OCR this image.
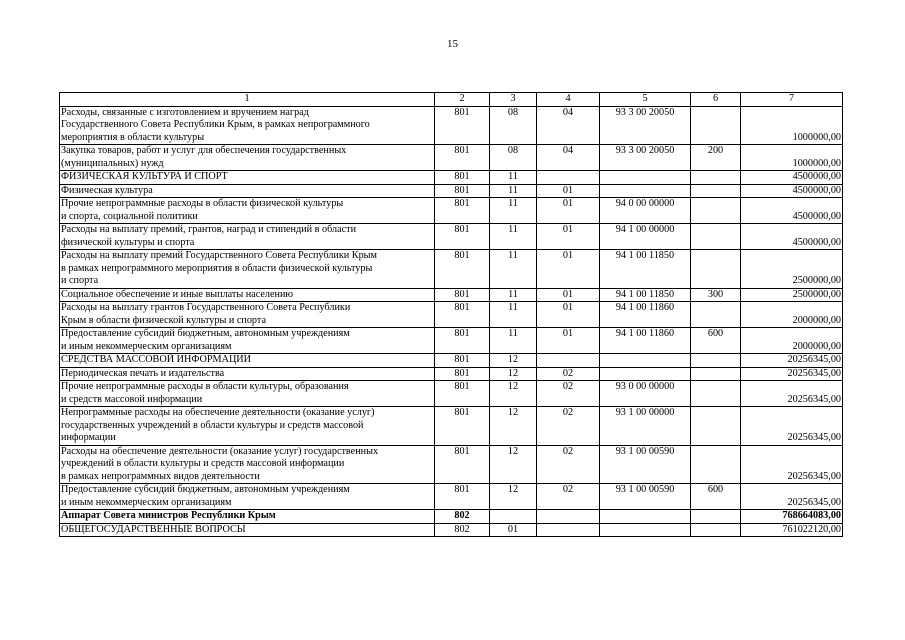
15
1	2	3	4	5	6	7

Расходы, связанные с изготовлением и вручением наград
Государственного Совета Республики Крым, в рамках непрограммного
мероприятия в области культуры	801	08	04	93 3 00 20050		1000000,00

Закупка товаров, работ и услуг для обеспечения государственных
(муниципальных) нужд	801	08	04	93 3 00 20050	200	1000000,00

ФИЗИЧЕСКАЯ КУЛЬТУРА И СПОРТ	801	11				4500000,00

Физическая культура	801	11	01			4500000,00

Прочие непрограммные расходы в области физической культуры
и спорта, социальной политики	801	11	01	94 0 00 00000		4500000,00

Расходы на выплату премий, грантов, наград и стипендий в области
физической культуры и спорта	801	11	01	94 1 00 00000		4500000,00

Расходы на выплату премий Государственного Совета Республики Крым
в рамках непрограммного мероприятия в области физической культуры
и спорта	801	11	01	94 1 00 11850		2500000,00

Социальное обеспечение и иные выплаты населению	801	11	01	94 1 00 11850	300	2500000,00

Расходы на выплату грантов Государственного Совета Республики
Крым в области физической культуры и спорта	801	11	01	94 1 00 11860		2000000,00

Предоставление субсидий бюджетным, автономным учреждениям
и иным некоммерческим организациям	801	11	01	94 1 00 11860	600	2000000,00

СРЕДСТВА МАССОВОЙ ИНФОРМАЦИИ	801	12				20256345,00

Периодическая печать и издательства	801	12	02			20256345,00

Прочие непрограммные расходы в области культуры, образования
и средств массовой информации	801	12	02	93 0 00 00000		20256345,00

Непрограммные расходы на обеспечение деятельности (оказание услуг)
государственных учреждений в области культуры и средств массовой
информации	801	12	02	93 1 00 00000		20256345,00

Расходы на обеспечение деятельности (оказание услуг) государственных
учреждений в области культуры и средств массовой информации
в рамках непрограммных видов деятельности	801	12	02	93 1 00 00590		20256345,00

Предоставление субсидий бюджетным, автономным учреждениям
и иным некоммерческим организациям	801	12	02	93 1 00 00590	600	20256345,00

Аппарат Совета министров Республики Крым	802					768664083,00

ОБЩЕГОСУДАРСТВЕННЫЕ ВОПРОСЫ	802	01				761022120,00
